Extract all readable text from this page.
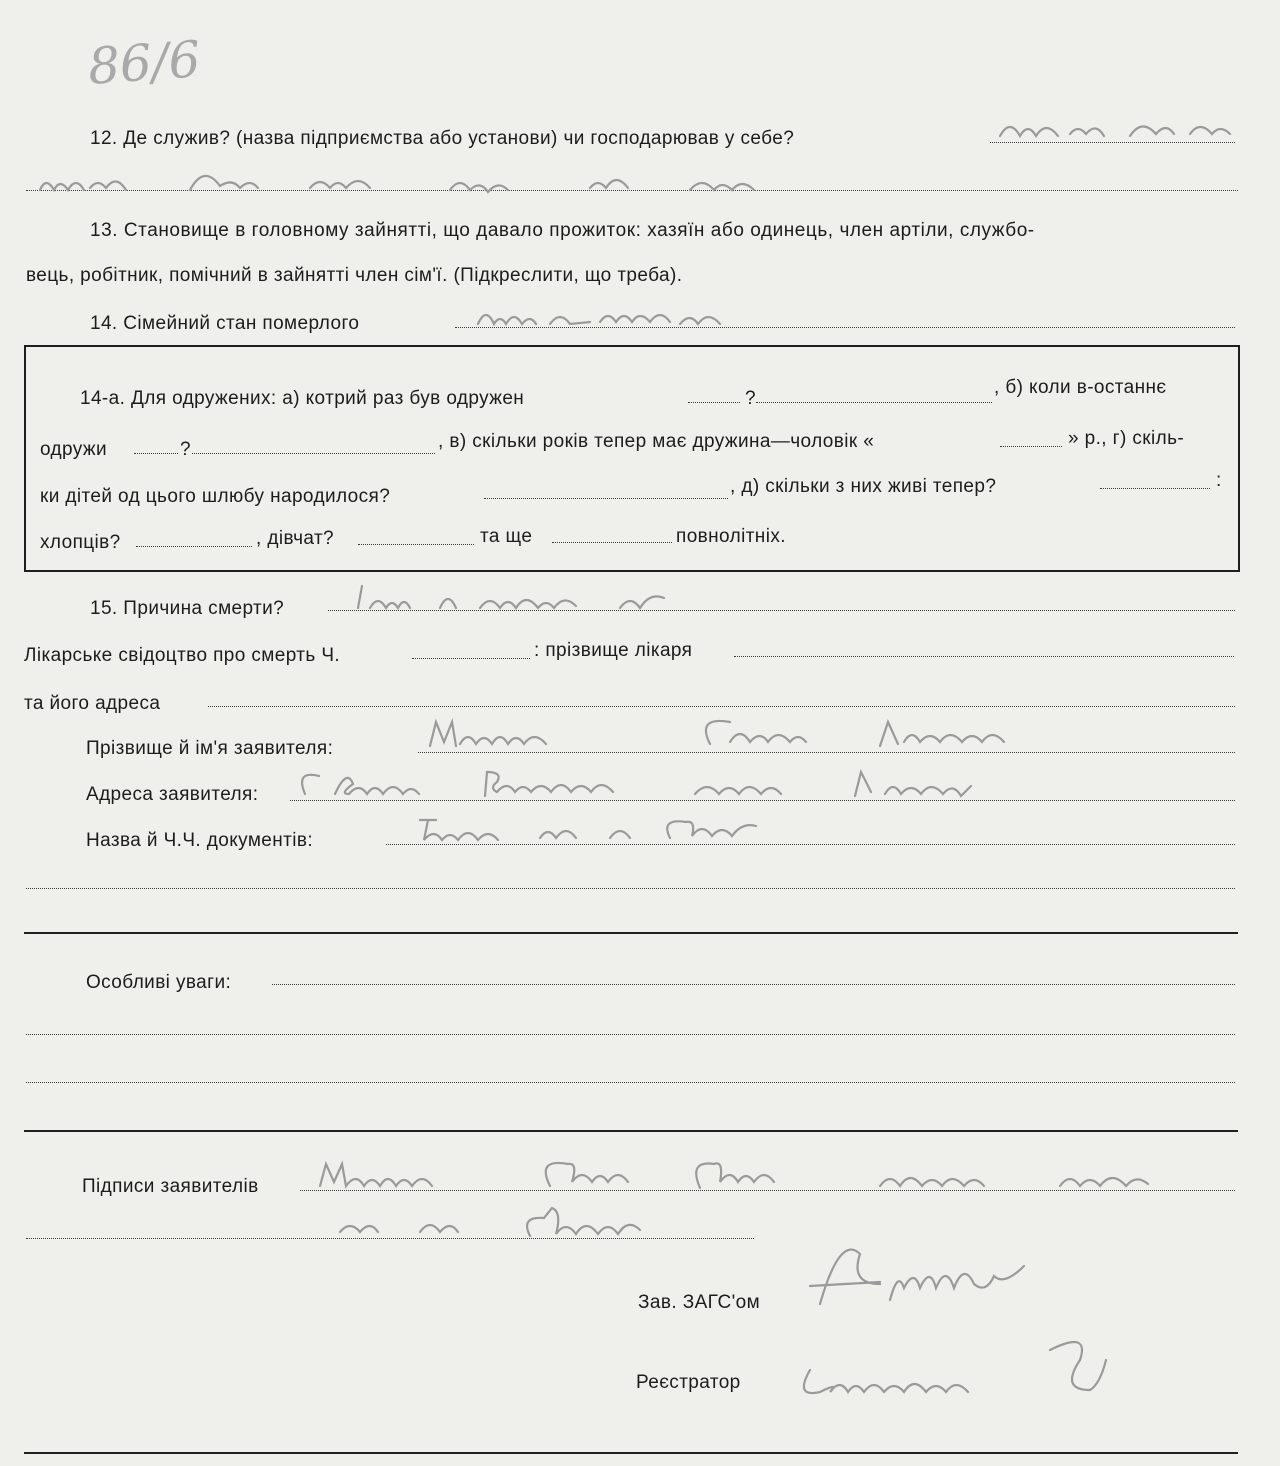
86/6
12. Де служив? (назва підприємства або установи) чи господарював у себе?
13. Становище в головному зайнятті, що давало прожиток: хазяїн або одинець, член артіли, службо-
вець, робітник, помічний в зайнятті член сім'ї. (Підкреслити, що треба).
14. Сімейний стан померлого
14-а. Для одружених: а) котрий раз був одружен	?
, б) коли в-останнє
одружи	?	, в) скільки років тепер має дружина—чоловік «	» р., г) скіль-
ки дітей од цього шлюбу народилося?	, д) скільки з них живі тепер?	:
хлопців?	, дівчат?	та ще	повнолітніх.
15. Причина смерти?
Лікарське свідоцтво про смерть Ч.	: прізвище лікаря
та його адреса
Прізвище й ім'я заявителя:
Адреса заявителя:
Назва й Ч.Ч. документів:
Особливі уваги:
Підписи заявителів
Зав. ЗАГС'ом
Реєстратор
